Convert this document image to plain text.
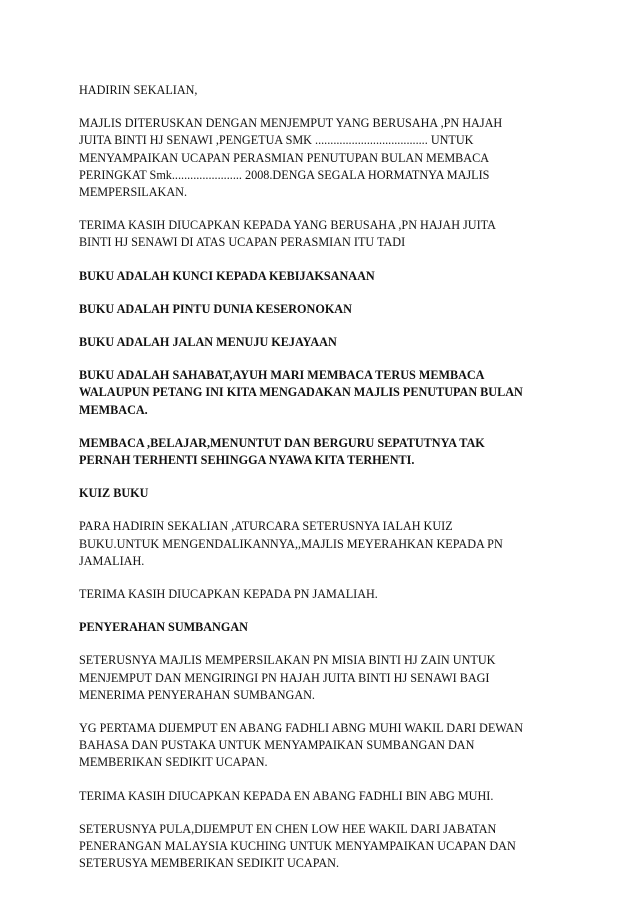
HADIRIN SEKALIAN,
MAJLIS DITERUSKAN DENGAN MENJEMPUT YANG BERUSAHA ,PN HAJAH
JUITA BINTI HJ SENAWI ,PENGETUA SMK ..................................... UNTUK
MENYAMPAIKAN UCAPAN PERASMIAN PENUTUPAN BULAN MEMBACA
PERINGKAT Smk....................... 2008.DENGA SEGALA HORMATNYA MAJLIS
MEMPERSILAKAN.
TERIMA KASIH DIUCAPKAN KEPADA YANG BERUSAHA ,PN HAJAH JUITA
BINTI HJ SENAWI DI ATAS UCAPAN PERASMIAN ITU TADI
BUKU ADALAH KUNCI KEPADA KEBIJAKSANAAN
BUKU ADALAH PINTU DUNIA KESERONOKAN
BUKU ADALAH JALAN MENUJU KEJAYAAN
BUKU ADALAH SAHABAT,AYUH MARI MEMBACA TERUS MEMBACA
WALAUPUN PETANG INI KITA MENGADAKAN MAJLIS PENUTUPAN BULAN
MEMBACA.
MEMBACA ,BELAJAR,MENUNTUT DAN BERGURU SEPATUTNYA TAK
PERNAH TERHENTI SEHINGGA NYAWA KITA TERHENTI.
KUIZ BUKU
PARA HADIRIN SEKALIAN ,ATURCARA SETERUSNYA IALAH KUIZ
BUKU.UNTUK MENGENDALIKANNYA,,MAJLIS MEYERAHKAN KEPADA PN
JAMALIAH.
TERIMA KASIH DIUCAPKAN KEPADA PN JAMALIAH.
PENYERAHAN SUMBANGAN
SETERUSNYA MAJLIS MEMPERSILAKAN PN MISIA BINTI HJ ZAIN UNTUK
MENJEMPUT DAN MENGIRINGI PN HAJAH JUITA BINTI HJ SENAWI BAGI
MENERIMA PENYERAHAN SUMBANGAN.
YG PERTAMA DIJEMPUT EN ABANG FADHLI ABNG MUHI WAKIL DARI DEWAN
BAHASA DAN PUSTAKA UNTUK MENYAMPAIKAN SUMBANGAN DAN
MEMBERIKAN SEDIKIT UCAPAN.
TERIMA KASIH DIUCAPKAN KEPADA EN ABANG FADHLI BIN ABG MUHI.
SETERUSNYA PULA,DIJEMPUT EN CHEN LOW HEE WAKIL DARI JABATAN
PENERANGAN MALAYSIA KUCHING UNTUK MENYAMPAIKAN UCAPAN DAN
SETERUSYA MEMBERIKAN SEDIKIT UCAPAN.
